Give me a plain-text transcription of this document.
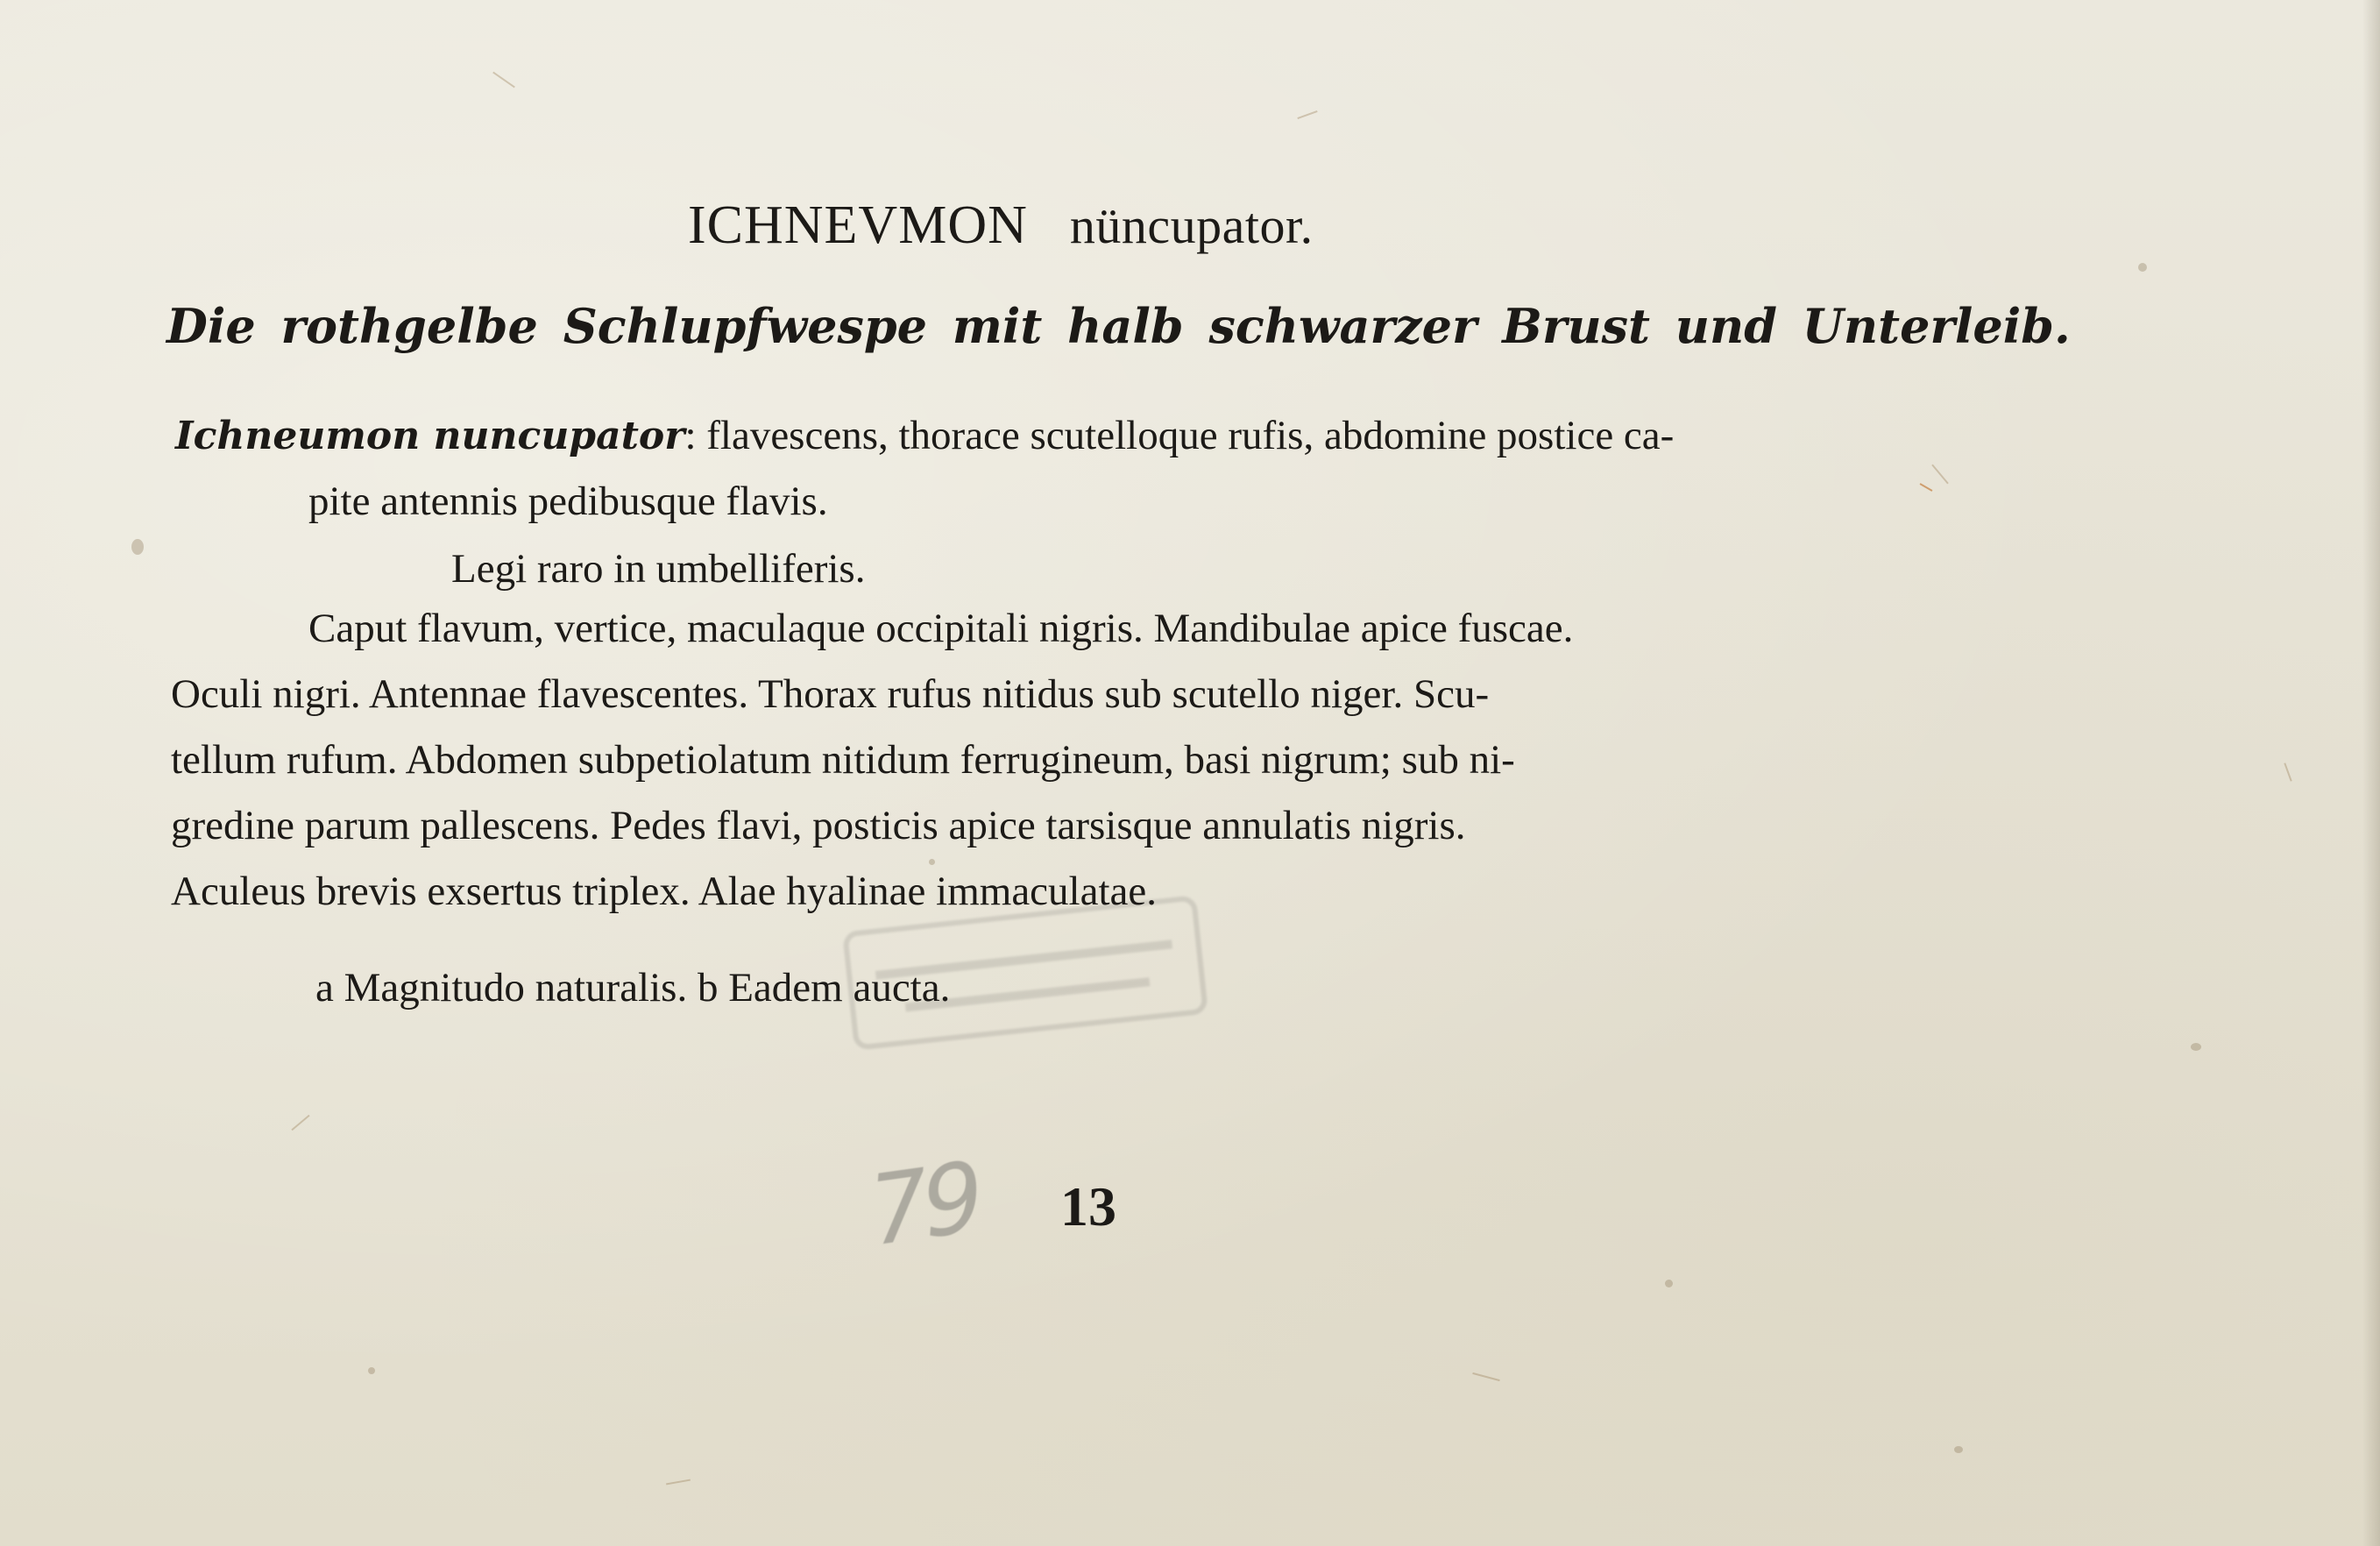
ICHNEVMON nüncupator.
Die rothgelbe Schlupfwespe mit halb schwarzer Brust und Unterleib.
Ichneumon nuncupator: flavescens, thorace scutelloque rufis, abdomine postice ca-
pite antennis pedibusque flavis.
Legi raro in umbelliferis.
Caput flavum, vertice, maculaque occipitali nigris. Mandibulae apice fuscae.
Oculi nigri. Antennae flavescentes. Thorax rufus nitidus sub scutello niger. Scu-
tellum rufum. Abdomen subpetiolatum nitidum ferrugineum, basi nigrum; sub ni-
gredine parum pallescens. Pedes flavi, posticis apice tarsisque annulatis nigris.
Aculeus brevis exsertus triplex. Alae hyalinae immaculatae.
a Magnitudo naturalis. b Eadem aucta.
79 13
